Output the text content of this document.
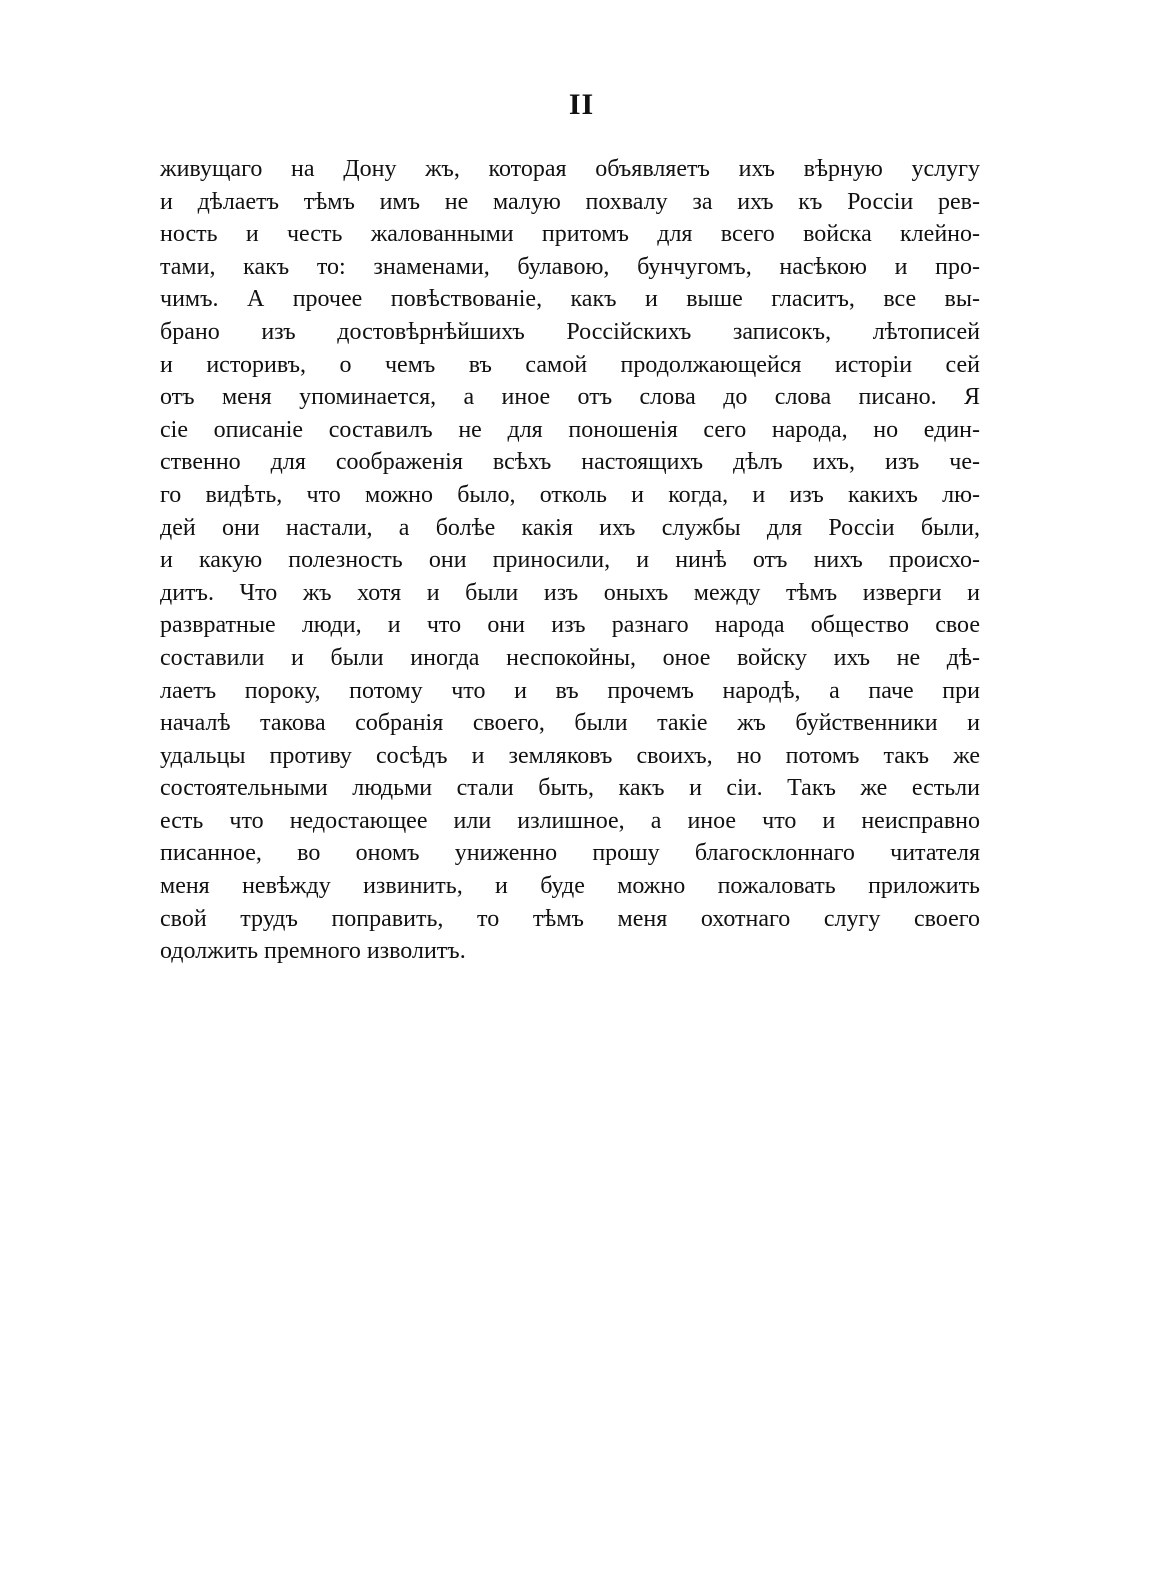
II
живущаго на Дону жъ, которая объявляетъ ихъ вѣрную услугу
и дѣлаетъ тѣмъ имъ не малую похвалу за ихъ къ Россіи рев-
ность и честь жалованными притомъ для всего войска клейно-
тами, какъ то: знаменами, булавою, бунчугомъ, насѣкою и про-
чимъ. А прочее повѣствованіе, какъ и выше гласитъ, все вы-
брано изъ достовѣрнѣйшихъ Россійскихъ записокъ, лѣтописей
и историвъ, о чемъ въ самой продолжающейся исторіи сей
отъ меня упоминается, а иное отъ слова до слова писано. Я
сіе описаніе составилъ не для поношенія сего народа, но един-
ственно для соображенія всѣхъ настоящихъ дѣлъ ихъ, изъ че-
го видѣть, что можно было, отколь и когда, и изъ какихъ лю-
дей они настали, а болѣе какія ихъ службы для Россіи были,
и какую полезность они приносили, и нинѣ отъ нихъ происхо-
дитъ. Что жъ хотя и были изъ оныхъ между тѣмъ изверги и
развратные люди, и что они изъ разнаго народа общество свое
составили и были иногда неспокойны, оное войску ихъ не дѣ-
лаетъ пороку, потому что и въ прочемъ народѣ, а паче при
началѣ такова собранія своего, были такіе жъ буйственники и
удальцы противу сосѣдъ и земляковъ своихъ, но потомъ такъ же
состоятельными людьми стали быть, какъ и сіи. Такъ же естьли
есть что недостающее или излишное, а иное что и неисправно
писанное, во ономъ униженно прошу благосклоннаго читателя
меня невѣжду извинить, и буде можно пожаловать приложить
свой трудъ поправить, то тѣмъ меня охотнаго слугу своего
одолжить премного изволитъ.
